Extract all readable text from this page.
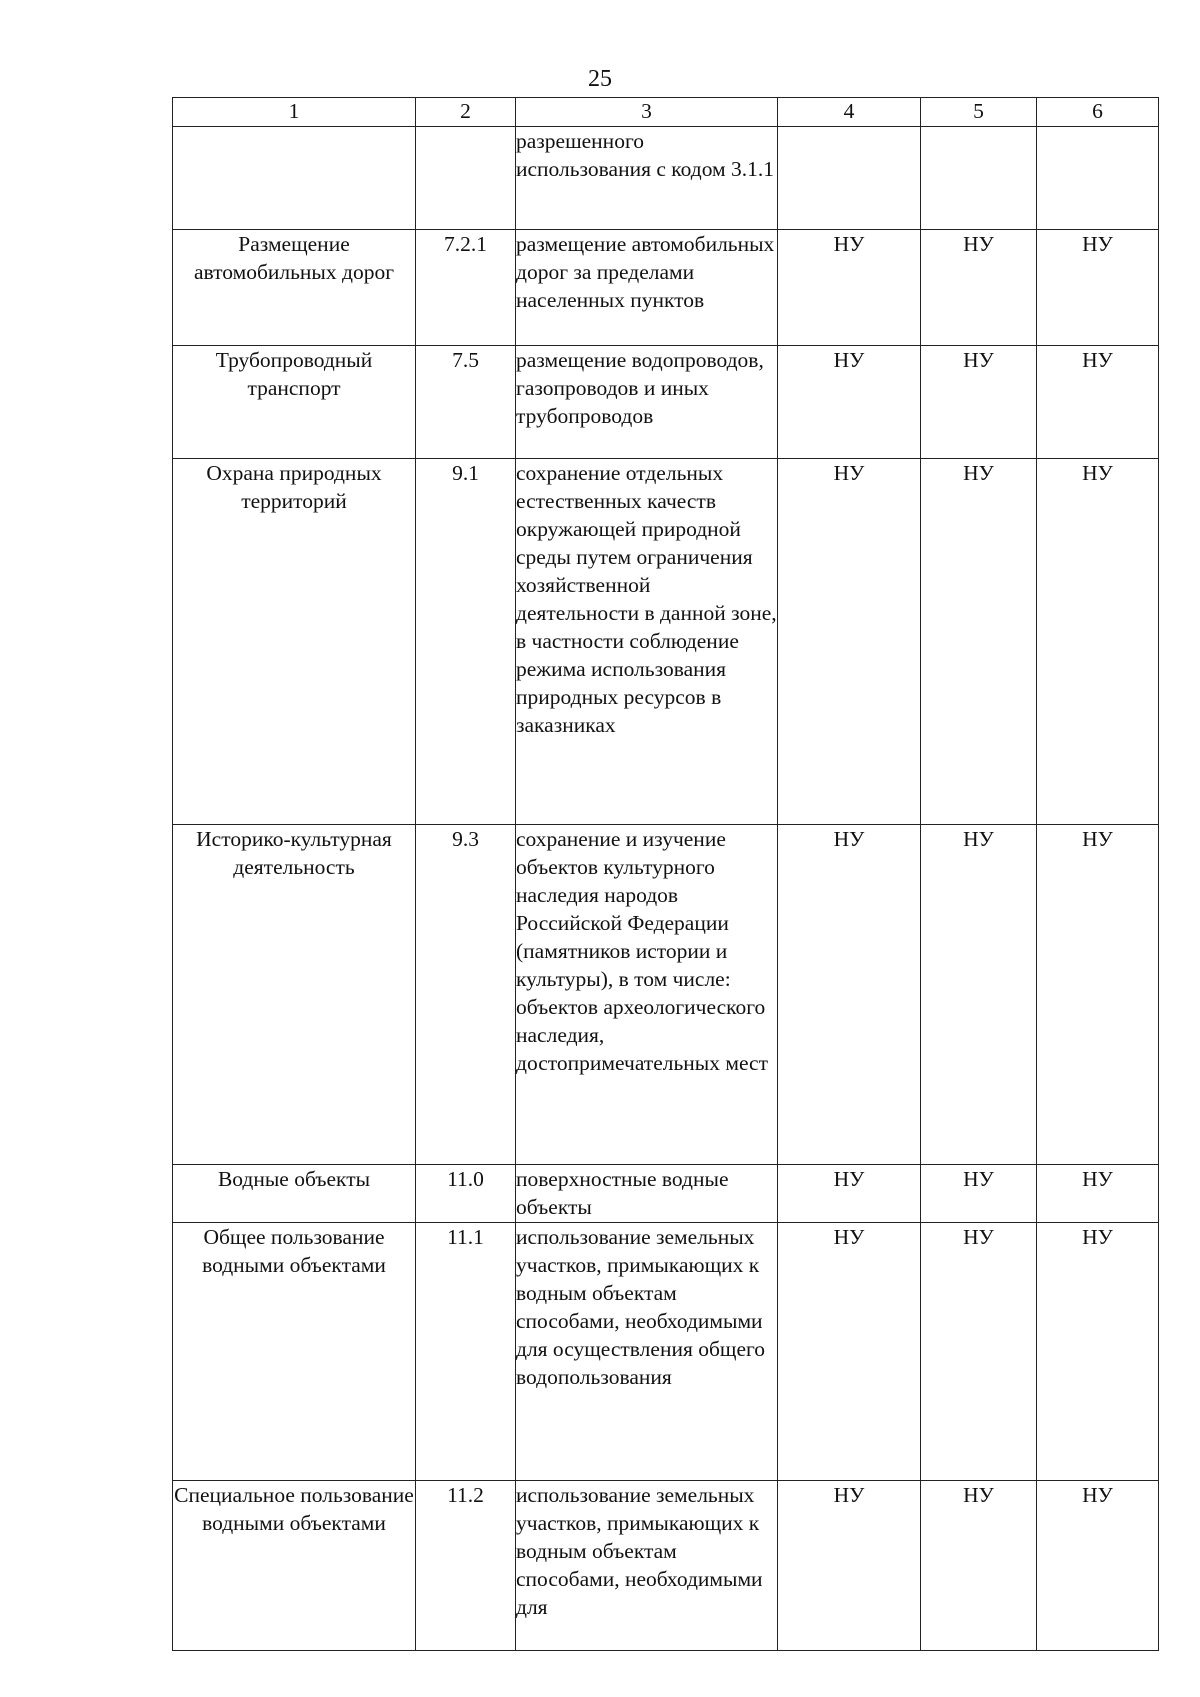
25
1	2	3	4	5	6
		разрешенного использования с кодом 3.1.1			
Размещение автомобильных дорог	7.2.1	размещение автомобильных дорог за пределами населенных пунктов	НУ	НУ	НУ
Трубопроводный транспорт	7.5	размещение водопроводов, газопроводов и иных трубопроводов	НУ	НУ	НУ
Охрана природных территорий	9.1	сохранение отдельных естественных качеств окружающей природной среды путем ограничения хозяйственной деятельности в данной зоне, в частности соблюдение режима использования природных ресурсов в заказниках	НУ	НУ	НУ
Историко-культурная деятельность	9.3	сохранение и изучение объектов культурного наследия народов Российской Федерации (памятников истории и культуры), в том числе: объектов археологического наследия, достопримечательных мест	НУ	НУ	НУ
Водные объекты	11.0	поверхностные водные объекты	НУ	НУ	НУ
Общее пользование водными объектами	11.1	использование земельных участков, примыкающих к водным объектам способами, необходимыми для осуществления общего водопользования	НУ	НУ	НУ
Специальное пользование водными объектами	11.2	использование земельных участков, примыкающих к водным объектам способами, необходимыми для	НУ	НУ	НУ
